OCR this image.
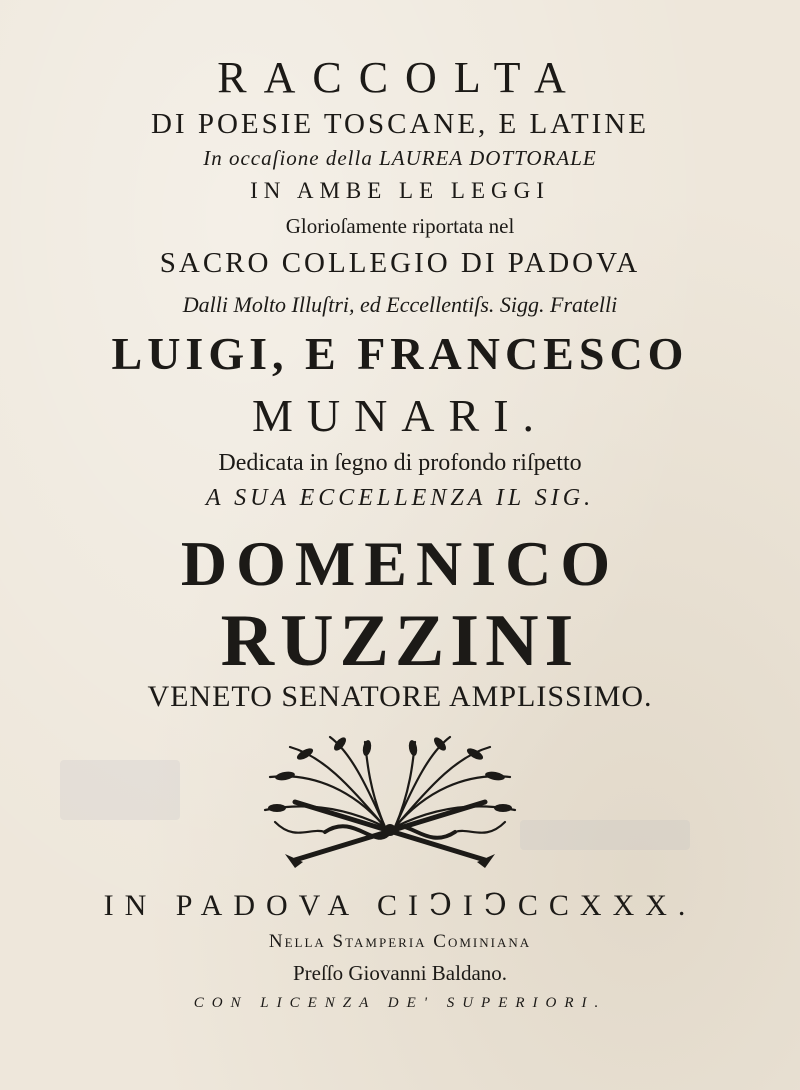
RACCOLTA
DI POESIE TOSCANE, E LATINE
In occaſione della LAUREA DOTTORALE
IN AMBE LE LEGGI
Glorioſamente riportata nel
SACRO COLLEGIO DI PADOVA
Dalli Molto Illuſtri, ed Eccellentiſs. Sigg. Fratelli
LUIGI, E FRANCESCO
MUNARI.
Dedicata in ſegno di profondo riſpetto
A SUA ECCELLENZA IL SIG.
DOMENICO
RUZZINI
VENETO SENATORE AMPLISSIMO.
IN PADOVA CIↃIↃCCXXX.
Nella Stamperia Cominiana
Preſſo Giovanni Baldano.
CON LICENZA DE' SUPERIORI.
